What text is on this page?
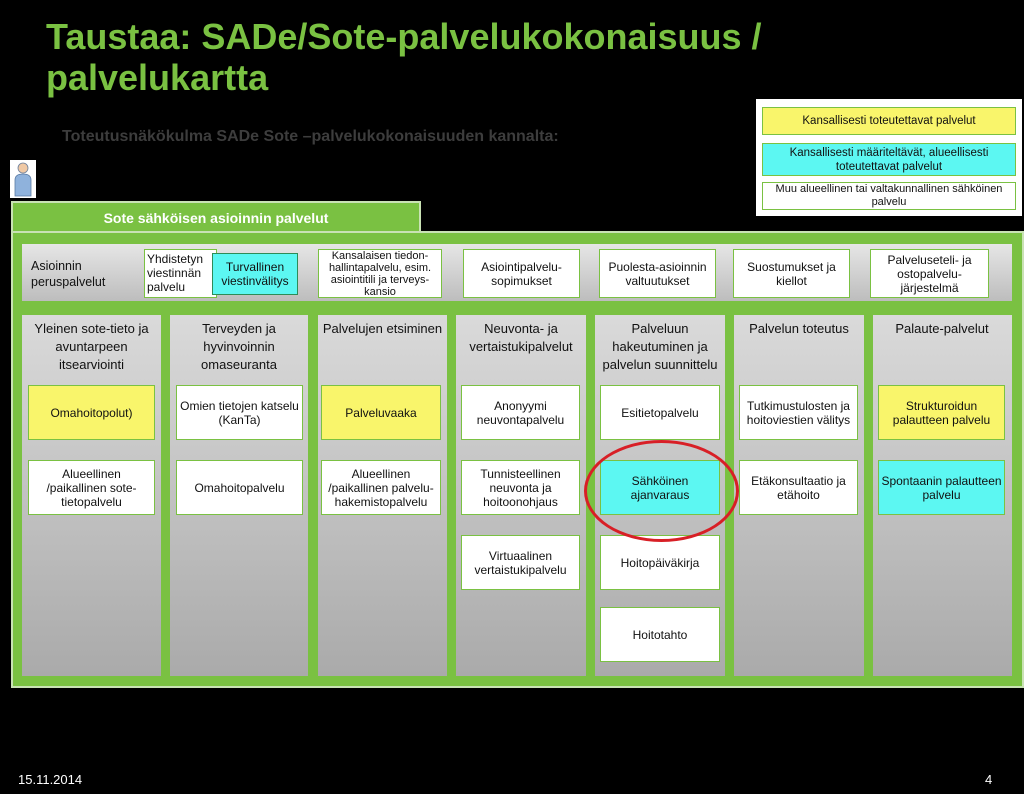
Taustaa: SADe/Sote-palvelukokonaisuus / palvelukartta
Toteutusnäkökulma SADe Sote –palvelukokonaisuuden kannalta:
Kansallisesti toteutettavat palvelut
Kansallisesti määriteltävät, alueellisesti toteutettavat palvelut
Muu alueellinen tai valtakunnallinen sähköinen palvelu
Sote sähköisen asioinnin palvelut
Asioinnin peruspalvelut
Yhdistetyn viestinnän palvelu
Turvallinen viestinvälitys
Kansalaisen tiedon-hallintapalvelu, esim. asiointitili ja terveys-kansio
Asiointipalvelu-sopimukset
Puolesta-asioinnin valtuutukset
Suostumukset ja kiellot
Palveluseteli- ja ostopalvelu-järjestelmä
Yleinen sote-tieto ja avuntarpeen itsearviointi
Terveyden ja hyvinvoinnin omaseuranta
Palvelujen etsiminen	Neuvonta- ja vertaistukipalvelut
Palveluun hakeutuminen ja palvelun suunnittelu
Palvelun toteutus	Palaute-palvelut
Omahoitopolut)
Alueellinen /paikallinen sote-tietopalvelu
Omien tietojen katselu (KanTa)
Omahoitopalvelu
Palveluvaaka
Alueellinen /paikallinen palvelu-hakemistopalvelu
Anonyymi neuvontapalvelu
Tunnisteellinen neuvonta ja hoitoonohjaus
Virtuaalinen vertaistukipalvelu
Esitietopalvelu
Sähköinen ajanvaraus
Hoitopäiväkirja
Hoitotahto
Tutkimustulosten ja hoitoviestien välitys
Etäkonsultaatio ja etähoito
Strukturoidun palautteen palvelu
Spontaanin palautteen palvelu
15.11.2014	4
